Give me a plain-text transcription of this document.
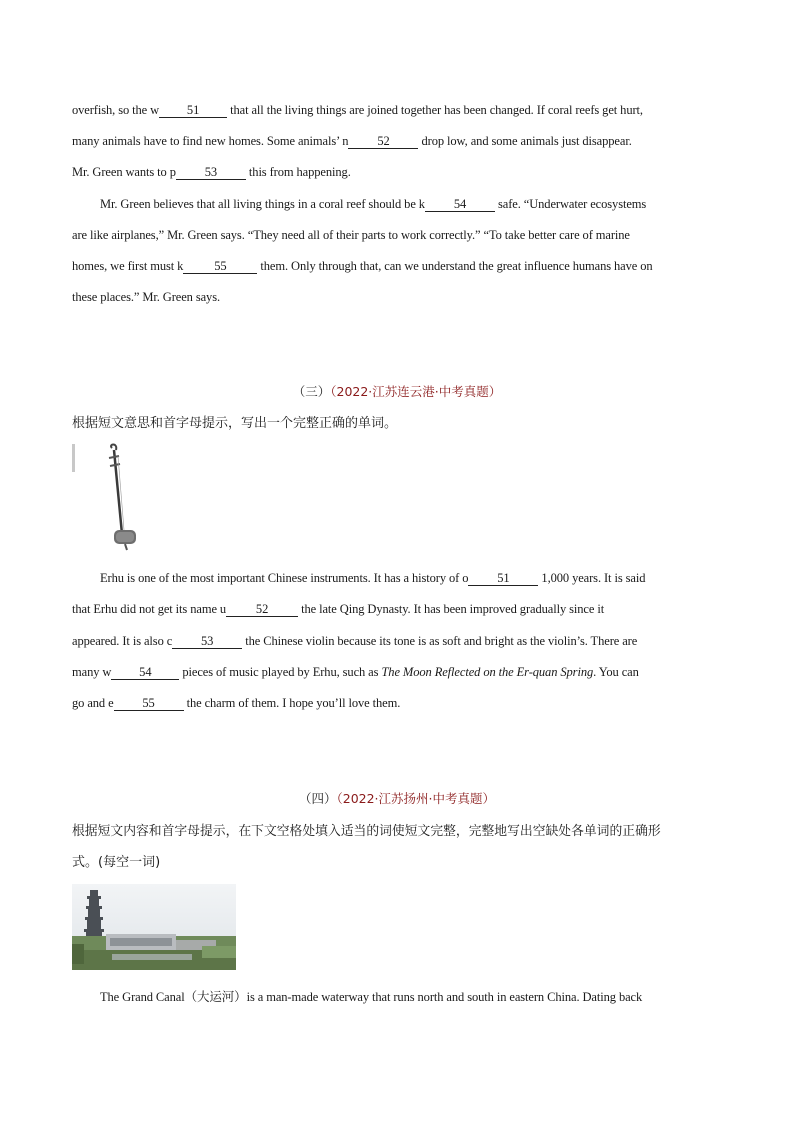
overfish, so the w 51 that all the living things are joined together has been changed. If coral reefs get hurt,
many animals have to find new homes. Some animals’ n 52 drop low, and some animals just disappear.
Mr. Green wants to p 53 this from happening.
Mr. Green believes that all living things in a coral reef should be k 54 safe. “Underwater ecosystems
are like airplanes,” Mr. Green says. “They need all of their parts to work correctly.” “To take better care of marine
homes, we first must k 55 them. Only through that, can we understand the great influence humans have on
these places.” Mr. Green says.
（三）（2022·江苏连云港·中考真题）
根据短文意思和首字母提示，写出一个完整正确的单词。
Erhu is one of the most important Chinese instruments. It has a history of o 51 1,000 years. It is said
that Erhu did not get its name u 52 the late Qing Dynasty. It has been improved gradually since it
appeared. It is also c 53 the Chinese violin because its tone is as soft and bright as the violin’s. There are
many w 54 pieces of music played by Erhu, such as The Moon Reflected on the Er-quan Spring. You can
go and e 55 the charm of them. I hope you’ll love them.
（四）（2022·江苏扬州·中考真题）
根据短文内容和首字母提示，在下文空格处填入适当的词使短文完整，完整地写出空缺处各单词的正确形
式。(每空一词)
The Grand Canal（大运河）is a man-made waterway that runs north and south in eastern China. Dating back
